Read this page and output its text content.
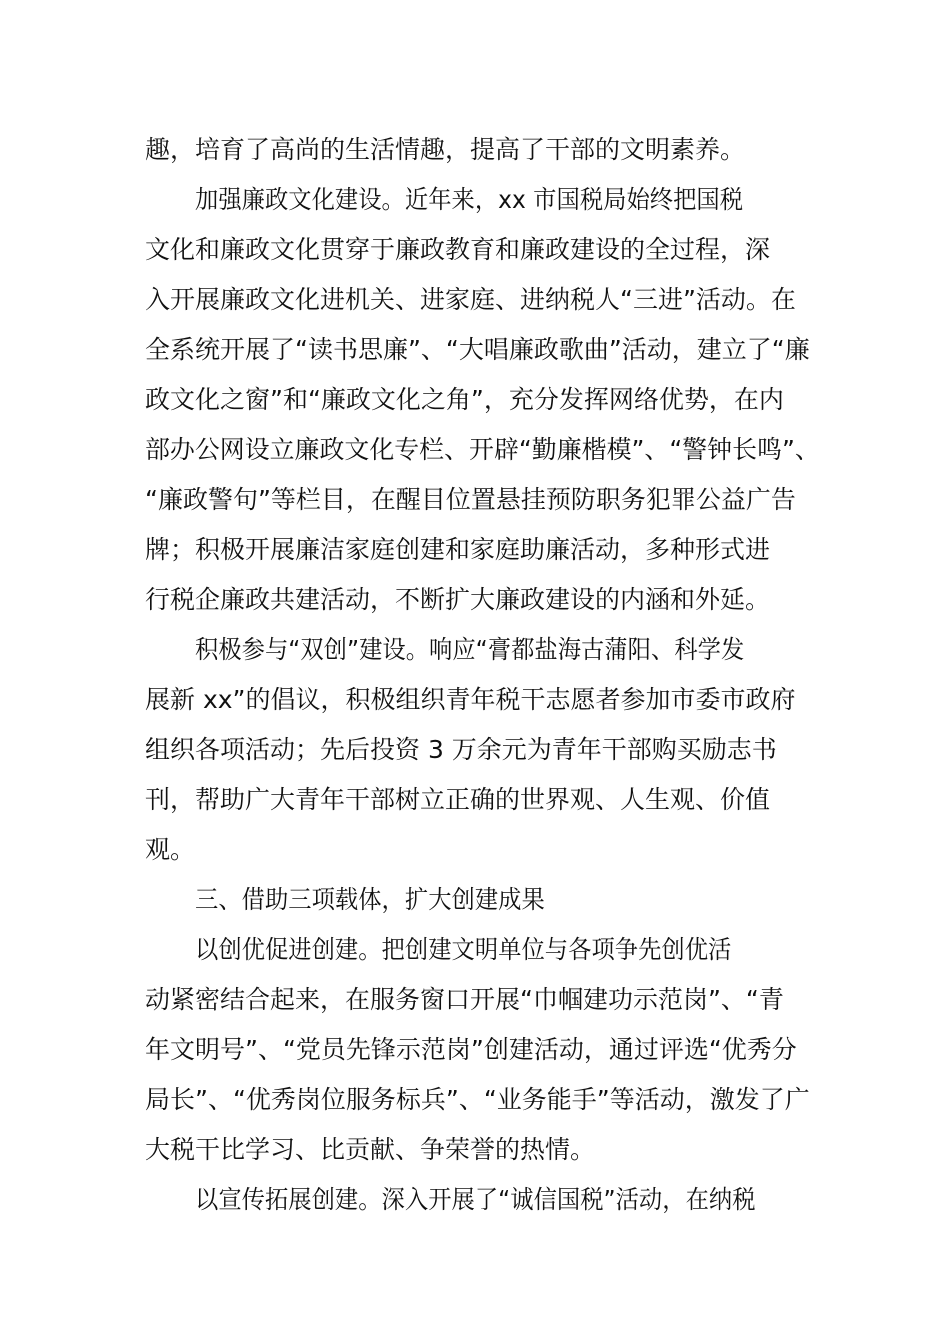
趣，培育了高尚的生活情趣，提高了干部的文明素养。
加强廉政文化建设。近年来，xx 市国税局始终把国税
文化和廉政文化贯穿于廉政教育和廉政建设的全过程，深
入开展廉政文化进机关、进家庭、进纳税人“三进”活动。在
全系统开展了“读书思廉”、“大唱廉政歌曲”活动，建立了“廉
政文化之窗”和“廉政文化之角”，充分发挥网络优势，在内
部办公网设立廉政文化专栏、开辟“勤廉楷模”、“警钟长鸣”、
“廉政警句”等栏目，在醒目位置悬挂预防职务犯罪公益广告
牌；积极开展廉洁家庭创建和家庭助廉活动，多种形式进
行税企廉政共建活动，不断扩大廉政建设的内涵和外延。
积极参与“双创”建设。响应“膏都盐海古蒲阳、科学发
展新 xx”的倡议，积极组织青年税干志愿者参加市委市政府
组织各项活动；先后投资 3 万余元为青年干部购买励志书
刊，帮助广大青年干部树立正确的世界观、人生观、价值
观。
三、借助三项载体，扩大创建成果
以创优促进创建。把创建文明单位与各项争先创优活
动紧密结合起来，在服务窗口开展“巾帼建功示范岗”、“青
年文明号”、“党员先锋示范岗”创建活动，通过评选“优秀分
局长”、“优秀岗位服务标兵”、“业务能手”等活动，激发了广
大税干比学习、比贡献、争荣誉的热情。
以宣传拓展创建。深入开展了“诚信国税”活动，在纳税
